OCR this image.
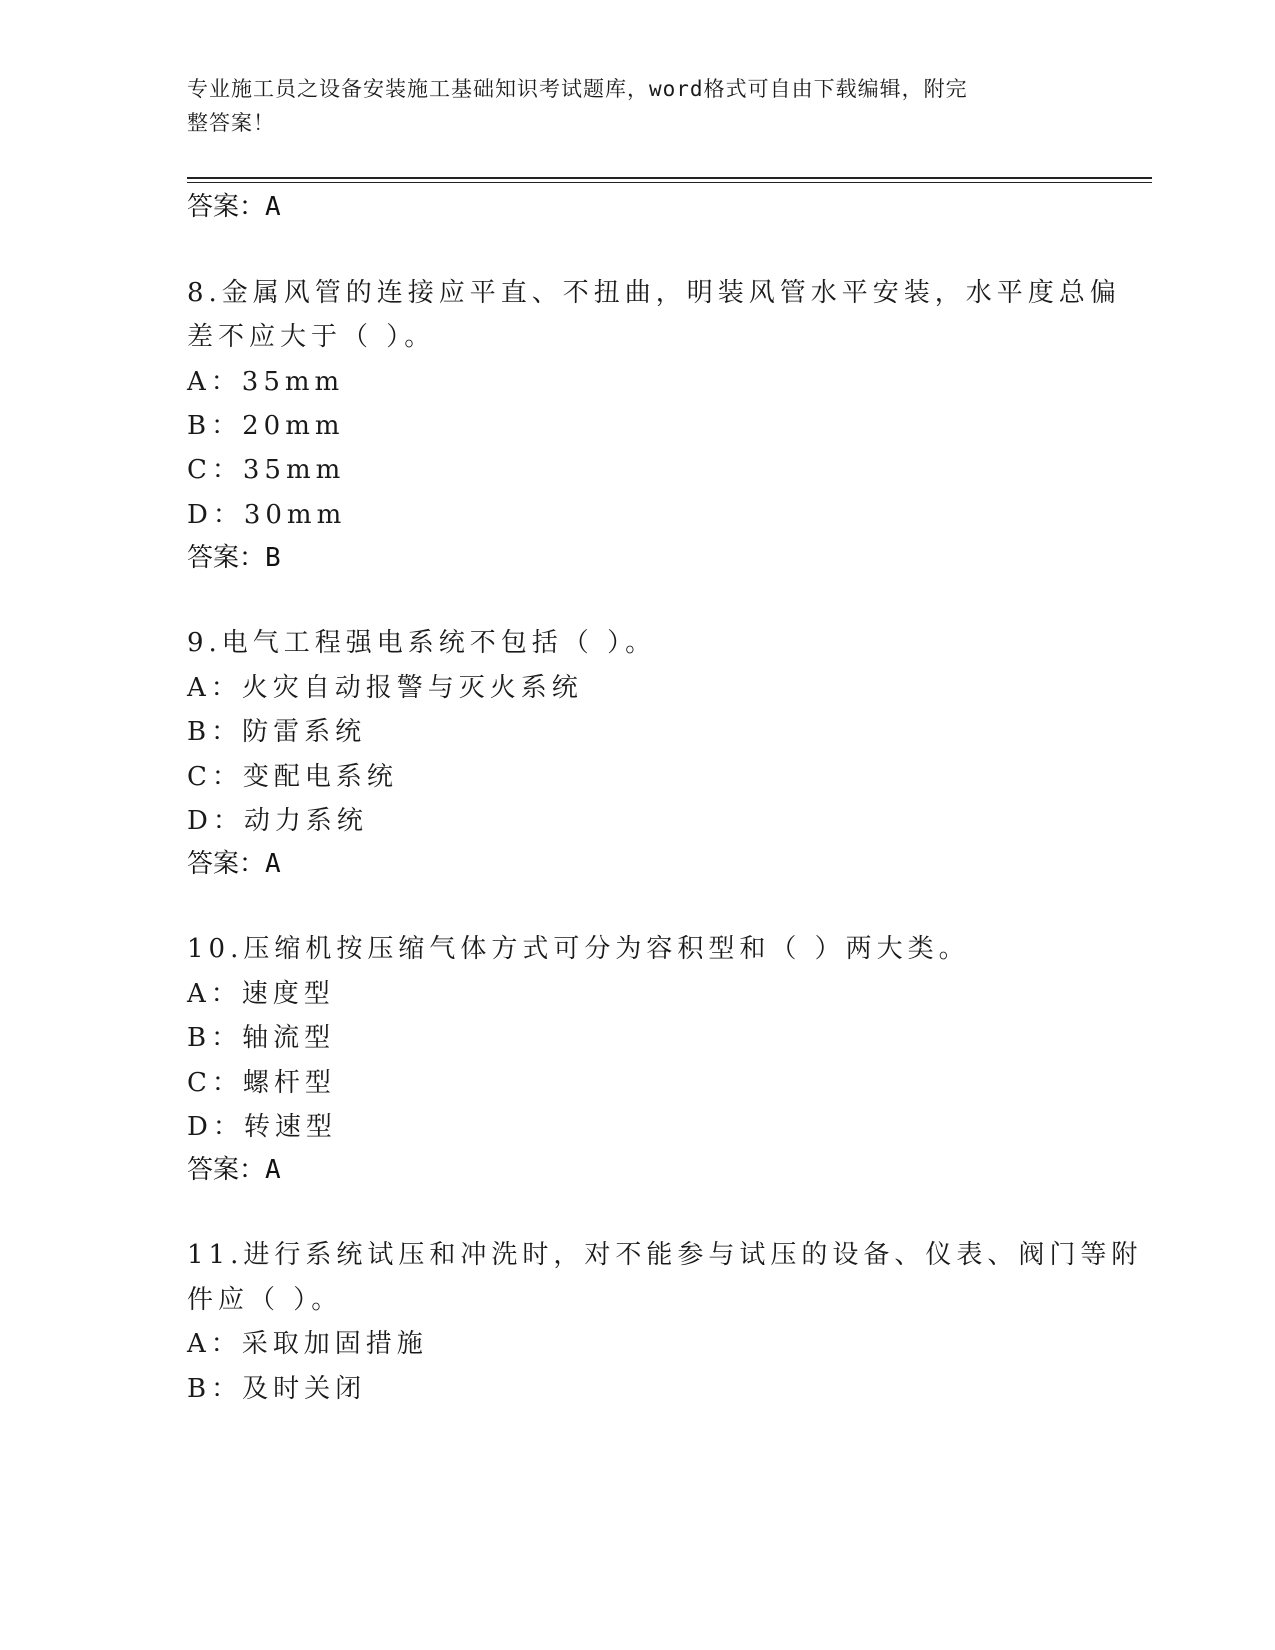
专业施工员之设备安装施工基础知识考试题库，word格式可自由下载编辑，附完
整答案！
答案：A
8.金属风管的连接应平直、不扭曲，明装风管水平安装，水平度总偏
差不应大于（ ）。
A：35mm
B：20mm
C：35mm
D：30mm
答案：B
9.电气工程强电系统不包括（ ）。
A：火灾自动报警与灭火系统
B：防雷系统
C：变配电系统
D：动力系统
答案：A
10.压缩机按压缩气体方式可分为容积型和（ ）两大类。
A：速度型
B：轴流型
C：螺杆型
D：转速型
答案：A
11.进行系统试压和冲洗时，对不能参与试压的设备、仪表、阀门等附
件应（ ）。
A：采取加固措施
B：及时关闭
